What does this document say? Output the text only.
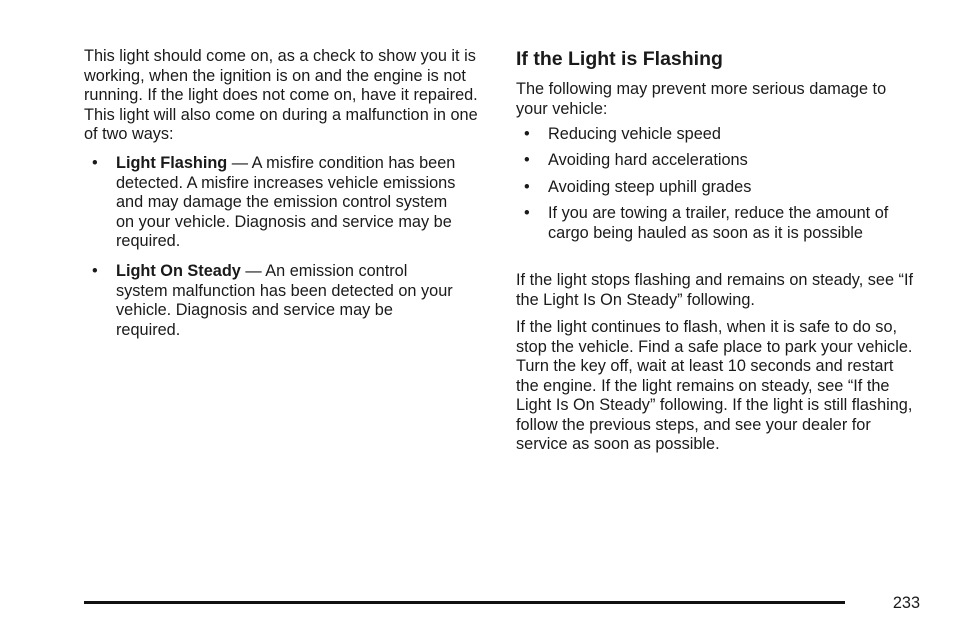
This light should come on, as a check to show you it is working, when the ignition is on and the engine is not running. If the light does not come on, have it repaired. This light will also come on during a malfunction in one of two ways:

• Light Flashing — A misfire condition has been detected. A misfire increases vehicle emissions and may damage the emission control system on your vehicle. Diagnosis and service may be required.
• Light On Steady — An emission control system malfunction has been detected on your vehicle. Diagnosis and service may be required.
If the Light is Flashing

The following may prevent more serious damage to your vehicle:

• Reducing vehicle speed
• Avoiding hard accelerations
• Avoiding steep uphill grades
• If you are towing a trailer, reduce the amount of cargo being hauled as soon as it is possible

If the light stops flashing and remains on steady, see “If the Light Is On Steady” following.

If the light continues to flash, when it is safe to do so, stop the vehicle. Find a safe place to park your vehicle. Turn the key off, wait at least 10 seconds and restart the engine. If the light remains on steady, see “If the Light Is On Steady” following. If the light is still flashing, follow the previous steps, and see your dealer for service as soon as possible.

233
